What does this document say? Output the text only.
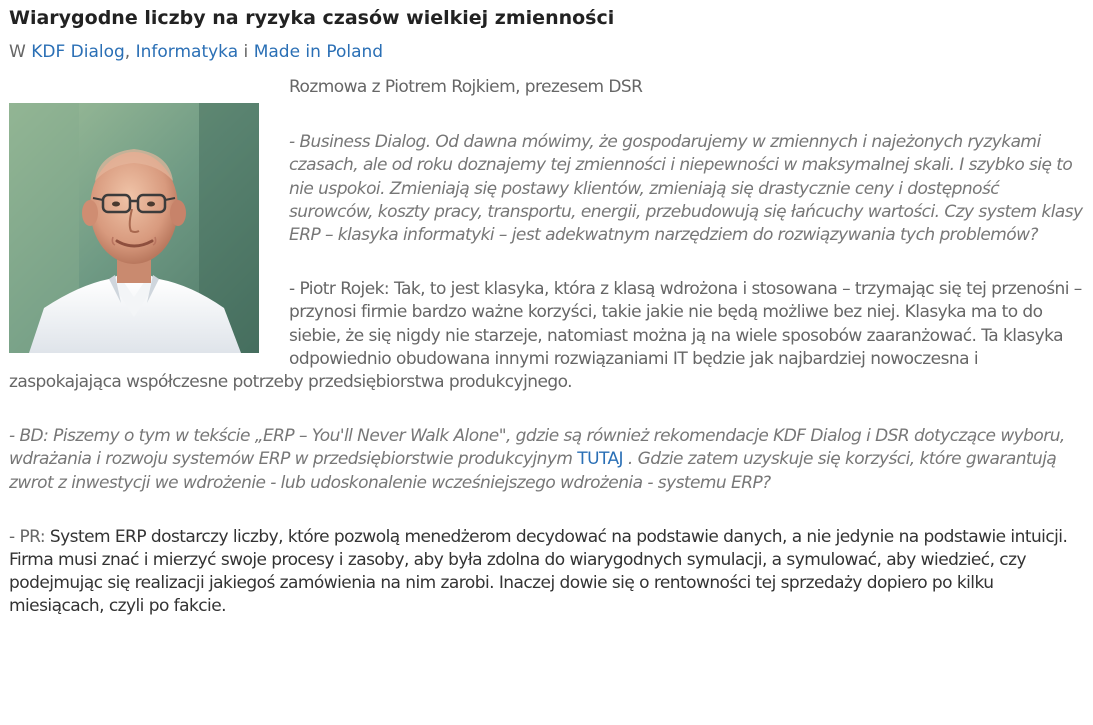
Wiarygodne liczby na ryzyka czasów wielkiej zmienności
W KDF Dialog, Informatyka i Made in Poland

Rozmowa z Piotrem Rojkiem, prezesem DSR

- Business Dialog. Od dawna mówimy, że gospodarujemy w zmiennych i najeżonych ryzykami czasach, ale od roku doznajemy tej zmienności i niepewności w maksymalnej skali. I szybko się to nie uspokoi. Zmieniają się postawy klientów, zmieniają się drastycznie ceny i dostępność surowców, koszty pracy, transportu, energii, przebudowują się łańcuchy wartości. Czy system klasy ERP – klasyka informatyki – jest adekwatnym narzędziem do rozwiązywania tych problemów?

- Piotr Rojek: Tak, to jest klasyka, która z klasą wdrożona i stosowana – trzymając się tej przenośni – przynosi firmie bardzo ważne korzyści, takie jakie nie będą możliwe bez niej. Klasyka ma to do siebie, że się nigdy nie starzeje, natomiast można ją na wiele sposobów zaaranżować. Ta klasyka odpowiednio obudowana innymi rozwiązaniami IT będzie jak najbardziej nowoczesna i zaspokajająca współczesne potrzeby przedsiębiorstwa produkcyjnego.

- BD: Piszemy o tym w tekście „ERP – You'll Never Walk Alone", gdzie są również rekomendacje KDF Dialog i DSR dotyczące wyboru, wdrażania i rozwoju systemów ERP w przedsiębiorstwie produkcyjnym TUTAJ . Gdzie zatem uzyskuje się korzyści, które gwarantują zwrot z inwestycji we wdrożenie - lub udoskonalenie wcześniejszego wdrożenia - systemu ERP?

- PR: System ERP dostarczy liczby, które pozwolą menedżerom decydować na podstawie danych, a nie jedynie na podstawie intuicji. Firma musi znać i mierzyć swoje procesy i zasoby, aby była zdolna do wiarygodnych symulacji, a symulować, aby wiedzieć, czy podejmując się realizacji jakiegoś zamówienia na nim zarobi. Inaczej dowie się o rentowności tej sprzedaży dopiero po kilku miesiącach, czyli po fakcie.
